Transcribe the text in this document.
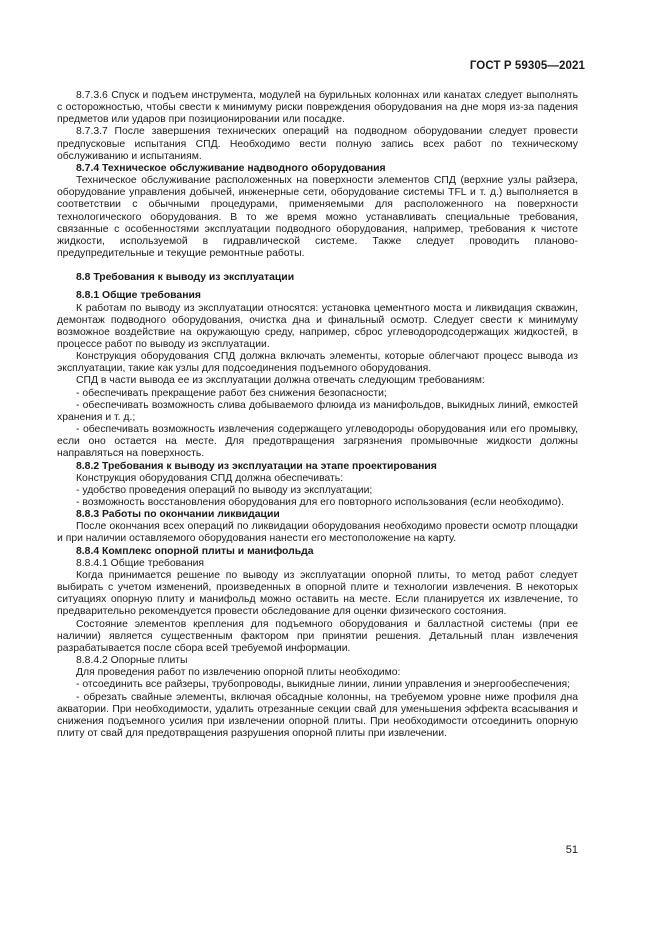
ГОСТ Р 59305—2021

8.7.3.6 Спуск и подъем инструмента, модулей на бурильных колоннах или канатах следует выполнять с осторожностью, чтобы свести к минимуму риски повреждения оборудования на дне моря из-за падения предметов или ударов при позиционировании или посадке.

8.7.3.7 После завершения технических операций на подводном оборудовании следует провести предпусковые испытания СПД. Необходимо вести полную запись всех работ по техническому обслуживанию и испытаниям.

8.7.4 Техническое обслуживание надводного оборудования

Техническое обслуживание расположенных на поверхности элементов СПД (верхние узлы райзера, оборудование управления добычей, инженерные сети, оборудование системы TFL и т. д.) выполняется в соответствии с обычными процедурами, применяемыми для расположенного на поверхности технологического оборудования. В то же время можно устанавливать специальные требования, связанные с особенностями эксплуатации подводного оборудования, например, требования к чистоте жидкости, используемой в гидравлической системе. Также следует проводить планово-предупредительные и текущие ремонтные работы.

8.8 Требования к выводу из эксплуатации

8.8.1 Общие требования

К работам по выводу из эксплуатации относятся: установка цементного моста и ликвидация скважин, демонтаж подводного оборудования, очистка дна и финальный осмотр. Следует свести к минимуму возможное воздействие на окружающую среду, например, сброс углеводородсодержащих жидкостей, в процессе работ по выводу из эксплуатации.

Конструкция оборудования СПД должна включать элементы, которые облегчают процесс вывода из эксплуатации, такие как узлы для подсоединения подъемного оборудования.

СПД в части вывода ее из эксплуатации должна отвечать следующим требованиям:

- обеспечивать прекращение работ без снижения безопасности;

- обеспечивать возможность слива добываемого флюида из манифольдов, выкидных линий, емкостей хранения и т. д.;

- обеспечивать возможность извлечения содержащего углеводороды оборудования или его промывку, если оно остается на месте. Для предотвращения загрязнения промывочные жидкости должны направляться на поверхность.

8.8.2 Требования к выводу из эксплуатации на этапе проектирования

Конструкция оборудования СПД должна обеспечивать:

- удобство проведения операций по выводу из эксплуатации;

- возможность восстановления оборудования для его повторного использования (если необходимо).

8.8.3 Работы по окончании ликвидации

После окончания всех операций по ликвидации оборудования необходимо провести осмотр площадки и при наличии оставляемого оборудования нанести его местоположение на карту.

8.8.4 Комплекс опорной плиты и манифольда

8.8.4.1 Общие требования

Когда принимается решение по выводу из эксплуатации опорной плиты, то метод работ следует выбирать с учетом изменений, произведенных в опорной плите и технологии извлечения. В некоторых ситуациях опорную плиту и манифольд можно оставить на месте. Если планируется их извлечение, то предварительно рекомендуется провести обследование для оценки физического состояния.

Состояние элементов крепления для подъемного оборудования и балластной системы (при ее наличии) является существенным фактором при принятии решения. Детальный план извлечения разрабатывается после сбора всей требуемой информации.

8.8.4.2 Опорные плиты

Для проведения работ по извлечению опорной плиты необходимо:

- отсоединить все райзеры, трубопроводы, выкидные линии, линии управления и энергообеспечения;

- обрезать свайные элементы, включая обсадные колонны, на требуемом уровне ниже профиля дна акватории. При необходимости, удалить отрезанные секции свай для уменьшения эффекта всасывания и снижения подъемного усилия при извлечении опорной плиты. При необходимости отсоединить опорную плиту от свай для предотвращения разрушения опорной плиты при извлечении.

51
